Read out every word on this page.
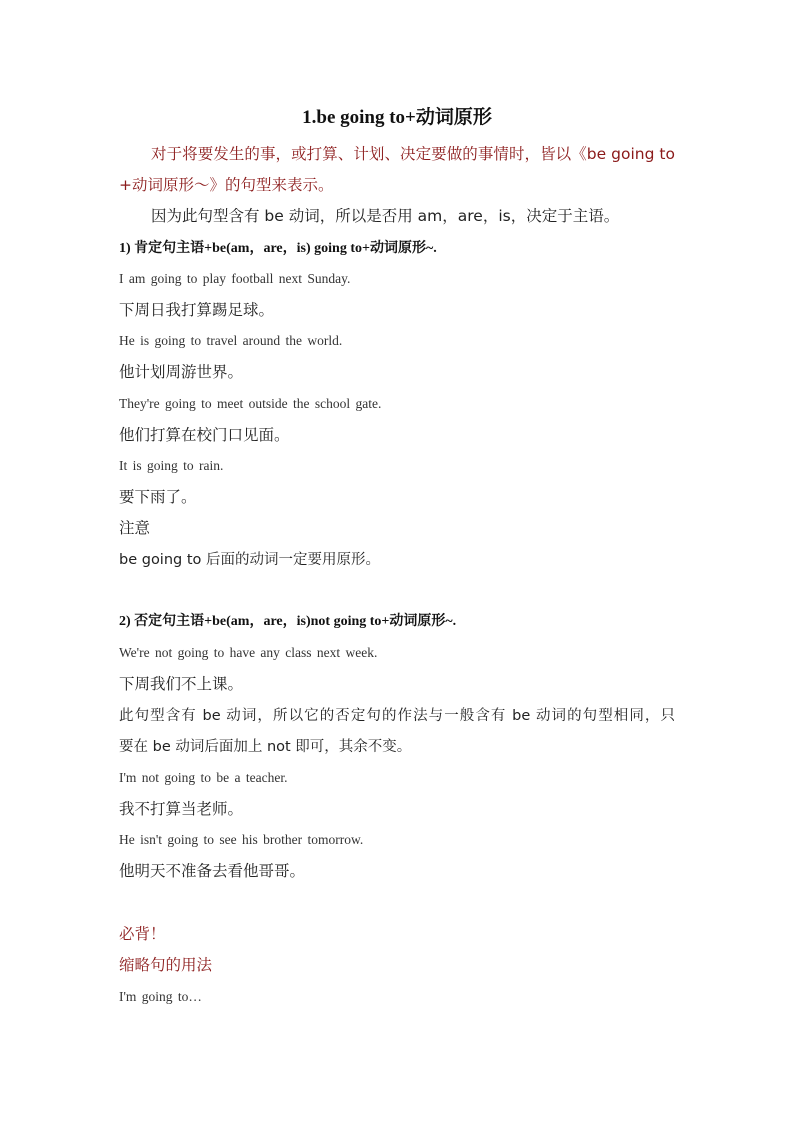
1.be going to+动词原形
对于将要发生的事，或打算、计划、决定要做的事情时，皆以《be going to
+动词原形～》的句型来表示。
因为此句型含有 be 动词，所以是否用 am，are，is，决定于主语。
1) 肯定句主语+be(am，are，is) going to+动词原形~.
I am going to play football next Sunday.
下周日我打算踢足球。
He is going to travel around the world.
他计划周游世界。
They're going to meet outside the school gate.
他们打算在校门口见面。
It is going to rain.
要下雨了。
注意
be going to 后面的动词一定要用原形。
2) 否定句主语+be(am，are，is)not going to+动词原形~.
We're not going to have any class next week.
下周我们不上课。
此句型含有 be 动词，所以它的否定句的作法与一般含有 be 动词的句型相同，只
要在 be 动词后面加上 not 即可，其余不变。
I'm not going to be a teacher.
我不打算当老师。
He isn't going to see his brother tomorrow.
他明天不准备去看他哥哥。
必背！
缩略句的用法
I'm going to…
